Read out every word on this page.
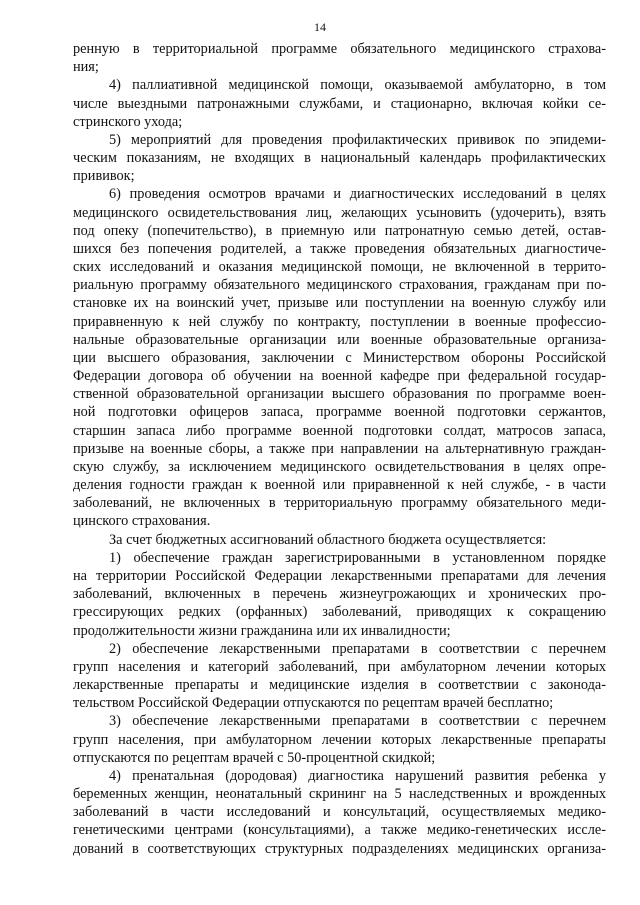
14
ренную в территориальной программе обязательного медицинского страхова-
ния;
4) паллиативной медицинской помощи, оказываемой амбулаторно, в том
числе выездными патронажными службами, и стационарно, включая койки се-
стринского ухода;
5) мероприятий для проведения профилактических прививок по эпидеми-
ческим показаниям, не входящих в национальный календарь профилактических
прививок;
6) проведения осмотров врачами и диагностических исследований в целях
медицинского освидетельствования лиц, желающих усыновить (удочерить), взять
под опеку (попечительство), в приемную или патронатную семью детей, остав-
шихся без попечения родителей, а также проведения обязательных диагностиче-
ских исследований и оказания медицинской помощи, не включенной в террито-
риальную программу обязательного медицинского страхования, гражданам при по-
становке их на воинский учет, призыве или поступлении на военную службу или
приравненную к ней службу по контракту, поступлении в военные профессио-
нальные образовательные организации или военные образовательные организа-
ции высшего образования, заключении с Министерством обороны Российской
Федерации договора об обучении на военной кафедре при федеральной государ-
ственной образовательной организации высшего образования по программе воен-
ной подготовки офицеров запаса, программе военной подготовки сержантов,
старшин запаса либо программе военной подготовки солдат, матросов запаса,
призыве на военные сборы, а также при направлении на альтернативную граждан-
скую службу, за исключением медицинского освидетельствования в целях опре-
деления годности граждан к военной или приравненной к ней службе, - в части
заболеваний, не включенных в территориальную программу обязательного меди-
цинского страхования.
За счет бюджетных ассигнований областного бюджета осуществляется:
1) обеспечение граждан зарегистрированными в установленном порядке
на территории Российской Федерации лекарственными препаратами для лечения
заболеваний, включенных в перечень жизнеугрожающих и хронических про-
грессирующих редких (орфанных) заболеваний, приводящих к сокращению
продолжительности жизни гражданина или их инвалидности;
2) обеспечение лекарственными препаратами в соответствии с перечнем
групп населения и категорий заболеваний, при амбулаторном лечении которых
лекарственные препараты и медицинские изделия в соответствии с законода-
тельством Российской Федерации отпускаются по рецептам врачей бесплатно;
3) обеспечение лекарственными препаратами в соответствии с перечнем
групп населения, при амбулаторном лечении которых лекарственные препараты
отпускаются по рецептам врачей с 50-процентной скидкой;
4) пренатальная (дородовая) диагностика нарушений развития ребенка у
беременных женщин, неонатальный скрининг на 5 наследственных и врожденных
заболеваний в части исследований и консультаций, осуществляемых медико-
генетическими центрами (консультациями), а также медико-генетических иссле-
дований в соответствующих структурных подразделениях медицинских организа-
